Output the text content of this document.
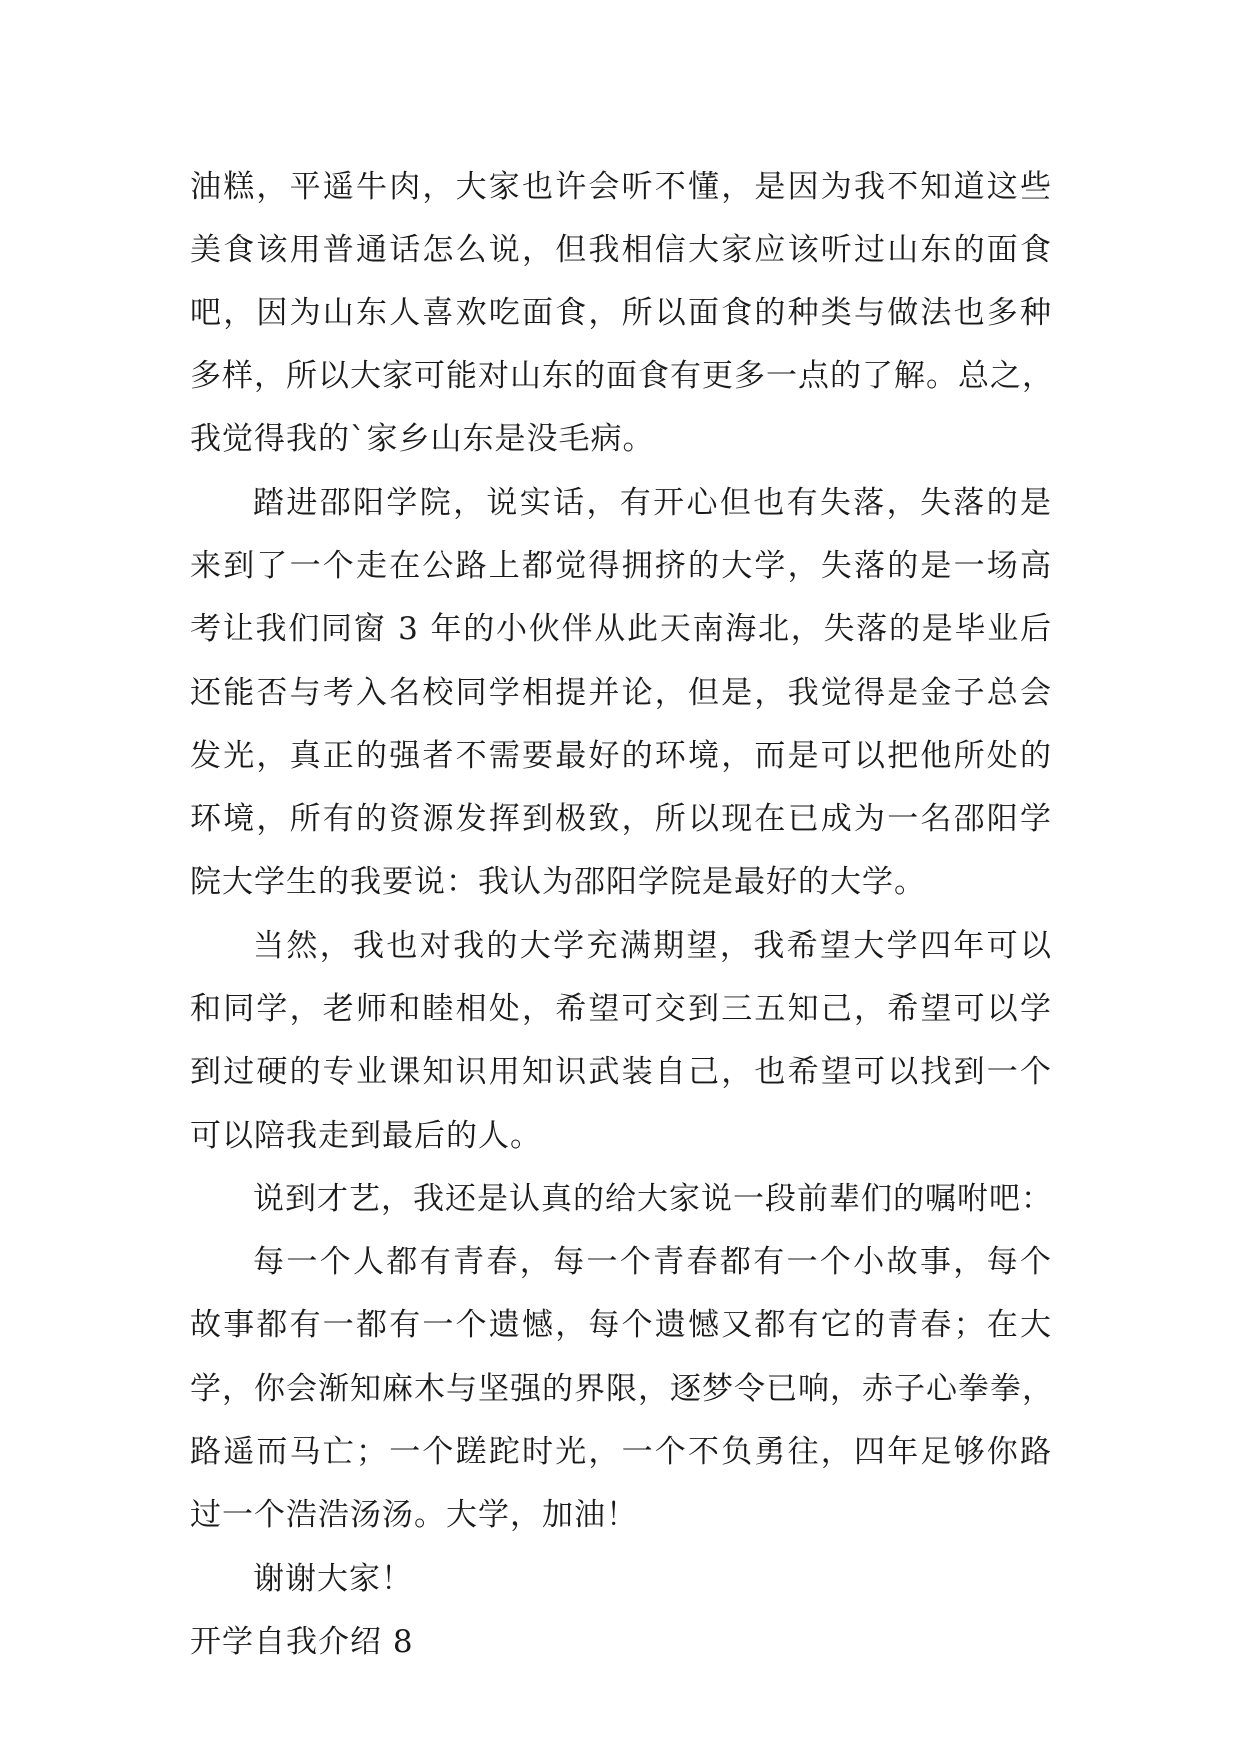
油糕，平遥牛肉，大家也许会听不懂，是因为我不知道这些
美食该用普通话怎么说，但我相信大家应该听过山东的面食
吧，因为山东人喜欢吃面食，所以面食的种类与做法也多种
多样，所以大家可能对山东的面食有更多一点的了解。总之，
我觉得我的`家乡山东是没毛病。
踏进邵阳学院，说实话，有开心但也有失落，失落的是
来到了一个走在公路上都觉得拥挤的大学，失落的是一场高
考让我们同窗 3 年的小伙伴从此天南海北，失落的是毕业后
还能否与考入名校同学相提并论，但是，我觉得是金子总会
发光，真正的强者不需要最好的环境，而是可以把他所处的
环境，所有的资源发挥到极致，所以现在已成为一名邵阳学
院大学生的我要说：我认为邵阳学院是最好的大学。
当然，我也对我的大学充满期望，我希望大学四年可以
和同学，老师和睦相处，希望可交到三五知己，希望可以学
到过硬的专业课知识用知识武装自己，也希望可以找到一个
可以陪我走到最后的人。
说到才艺，我还是认真的给大家说一段前辈们的嘱咐吧：
每一个人都有青春，每一个青春都有一个小故事，每个
故事都有一都有一个遗憾，每个遗憾又都有它的青春；在大
学，你会渐知麻木与坚强的界限，逐梦令已响，赤子心拳拳，
路遥而马亡；一个蹉跎时光，一个不负勇往，四年足够你路
过一个浩浩汤汤。大学，加油！
谢谢大家！
开学自我介绍 8
